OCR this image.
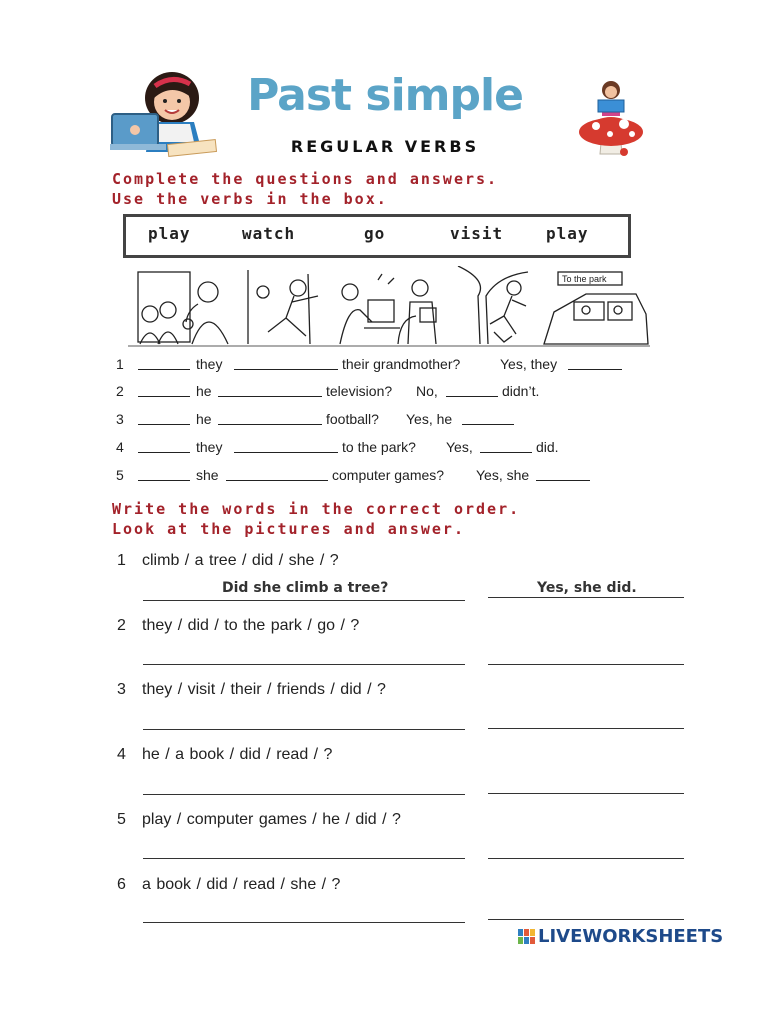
Past simple
REGULAR VERBS
Complete the questions and answers.
Use the verbs in the box.
play	watch	go	visit	play
To the park
1	they	their grandmother?	Yes, they
2	he	television? No,	didn’t.
3	he	football? Yes, he
4	they	to the park? Yes,	did.
5	she	computer games? Yes, she
Write the words in the correct order.
Look at the pictures and answer.
1 climb / a tree / did / she / ?
Did she climb a tree?	Yes, she did.
2 they / did / to the park / go / ?
3 they / visit / their / friends / did / ?
4 he / a book / did / read / ?
5 play / computer games / he / did / ?
6 a book / did / read / she / ?
LIVEWORKSHEETS
